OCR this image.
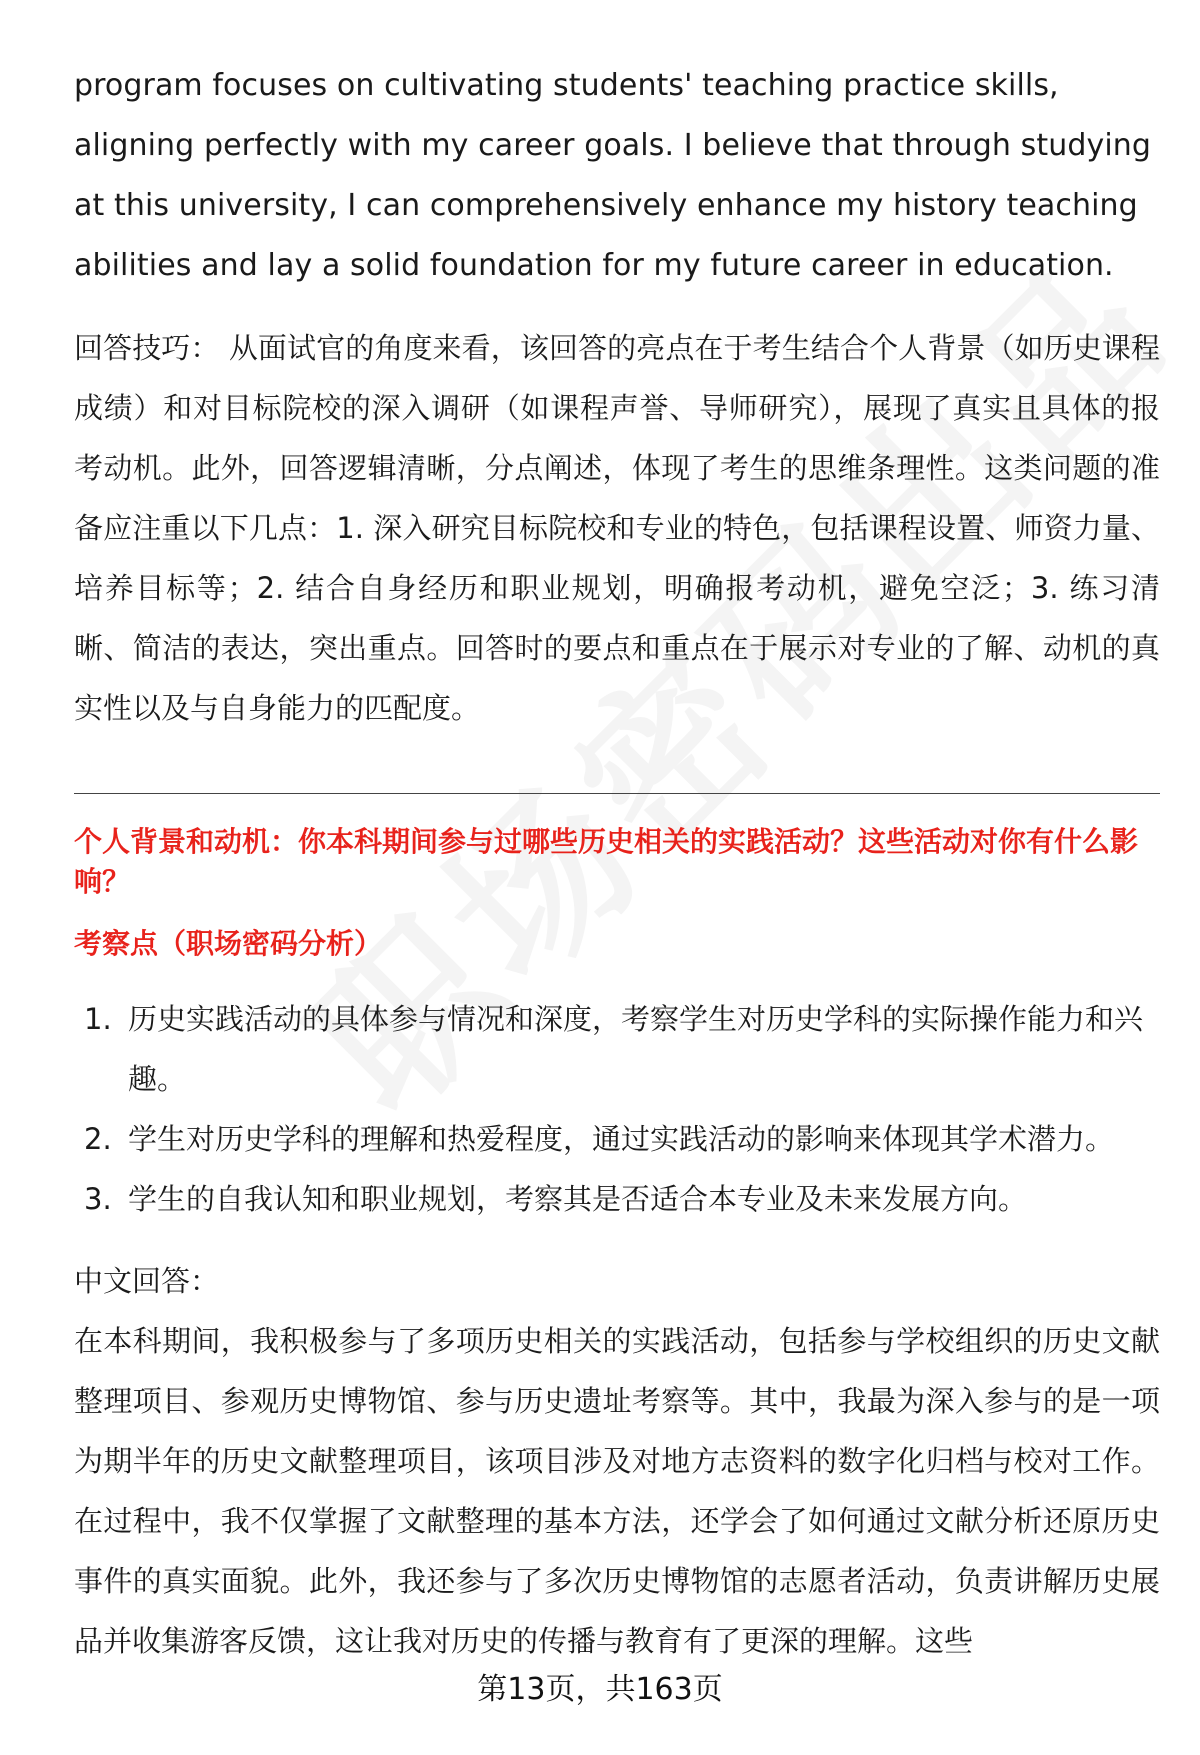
program focuses on cultivating students' teaching practice skills, aligning perfectly with my career goals. I believe that through studying at this university, I can comprehensively enhance my history teaching abilities and lay a solid foundation for my future career in education.

回答技巧： 从面试官的角度来看，该回答的亮点在于考生结合个人背景（如历史课程成绩）和对目标院校的深入调研（如课程声誉、导师研究），展现了真实且具体的报考动机。此外，回答逻辑清晰，分点阐述，体现了考生的思维条理性。这类问题的准备应注重以下几点：1. 深入研究目标院校和专业的特色，包括课程设置、师资力量、培养目标等；2. 结合自身经历和职业规划，明确报考动机，避免空泛；3. 练习清晰、简洁的表达，突出重点。回答时的要点和重点在于展示对专业的了解、动机的真实性以及与自身能力的匹配度。

个人背景和动机：你本科期间参与过哪些历史相关的实践活动？这些活动对你有什么影响？

考察点（职场密码分析）

1. 历史实践活动的具体参与情况和深度，考察学生对历史学科的实际操作能力和兴趣。
2. 学生对历史学科的理解和热爱程度，通过实践活动的影响来体现其学术潜力。
3. 学生的自我认知和职业规划，考察其是否适合本专业及未来发展方向。

中文回答：

在本科期间，我积极参与了多项历史相关的实践活动，包括参与学校组织的历史文献整理项目、参观历史博物馆、参与历史遗址考察等。其中，我最为深入参与的是一项为期半年的历史文献整理项目，该项目涉及对地方志资料的数字化归档与校对工作。在过程中，我不仅掌握了文献整理的基本方法，还学会了如何通过文献分析还原历史事件的真实面貌。此外，我还参与了多次历史博物馆的志愿者活动，负责讲解历史展品并收集游客反馈，这让我对历史的传播与教育有了更深的理解。这些

第13页，共163页
